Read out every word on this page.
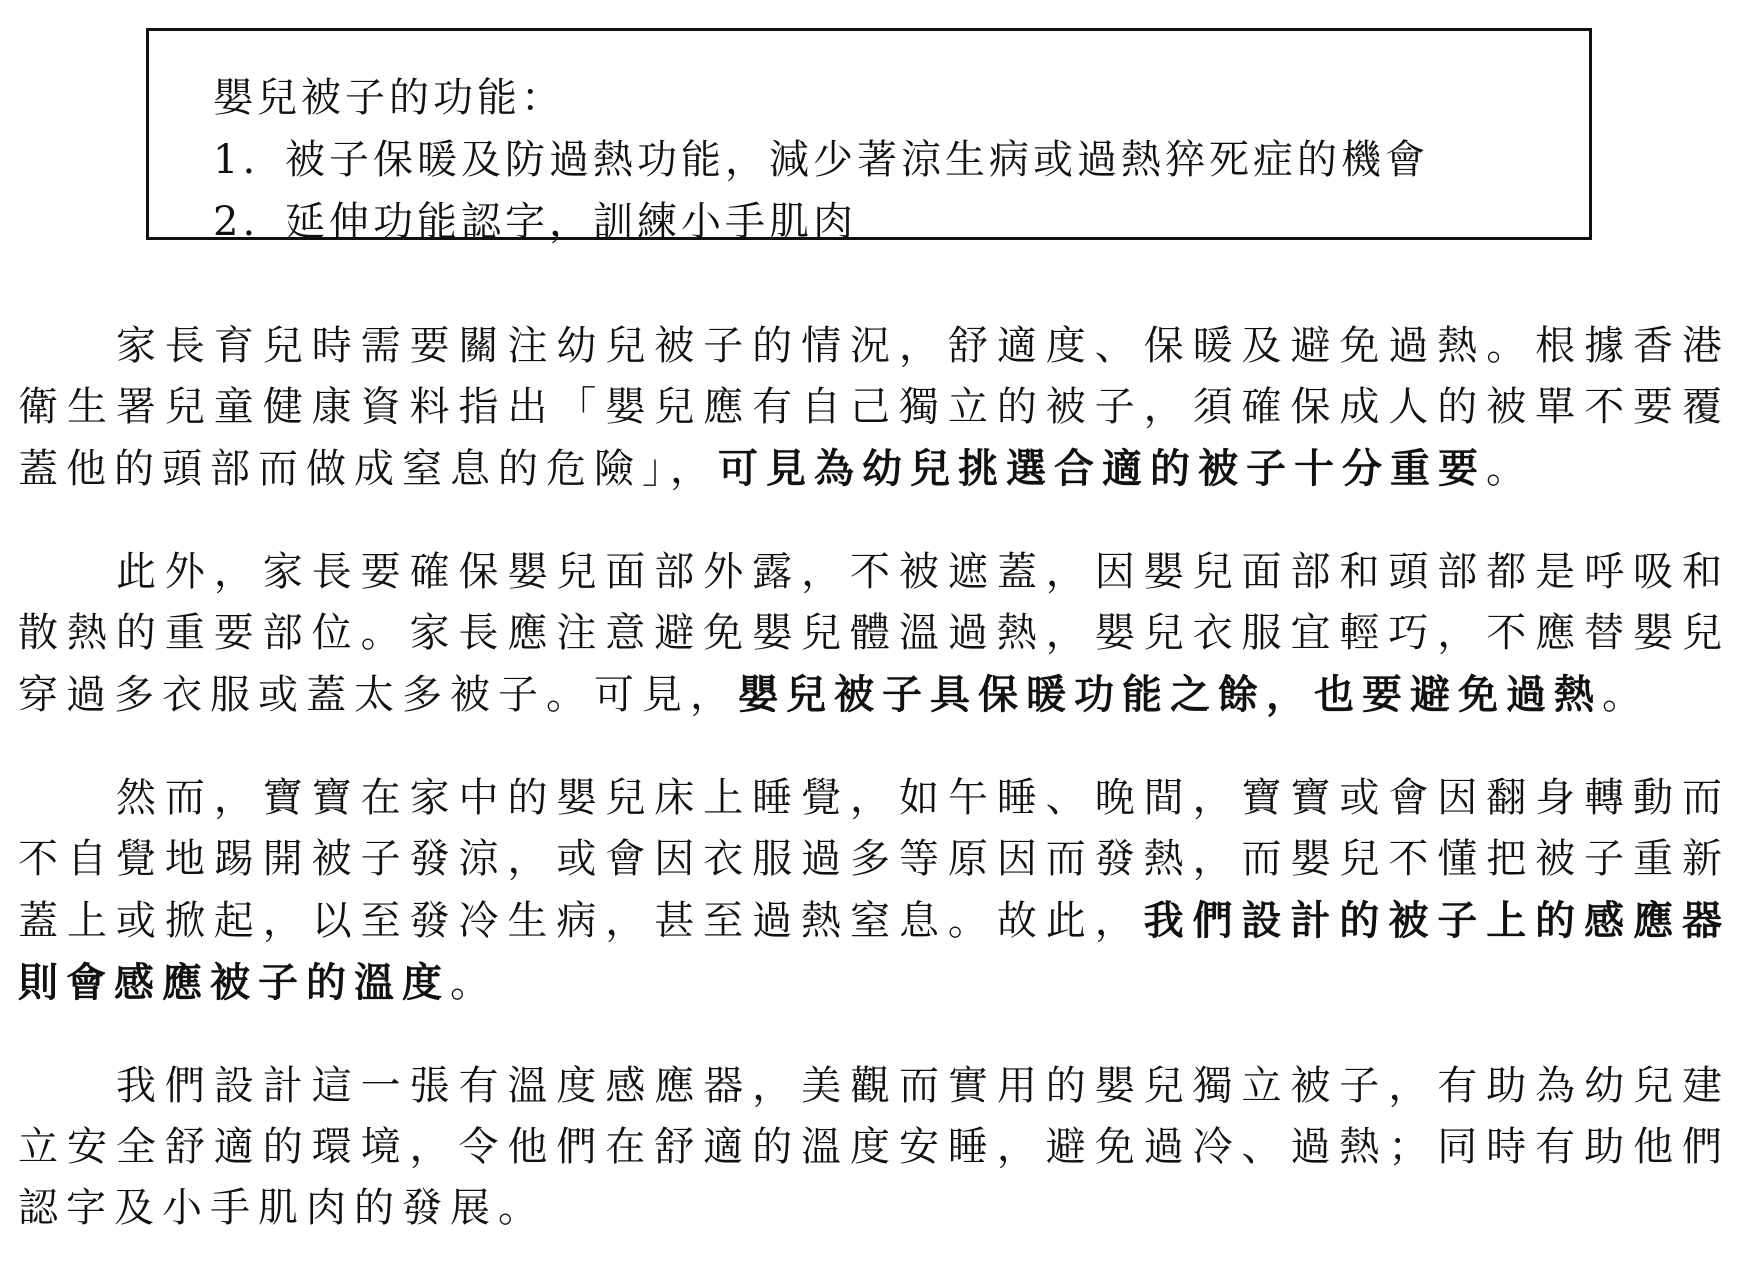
嬰兒被子的功能：
1. 被子保暖及防過熱功能，減少著涼生病或過熱猝死症的機會
2. 延伸功能認字，訓練小手肌肉

家長育兒時需要關注幼兒被子的情況，舒適度、保暖及避免過熱。根據香港衛生署兒童健康資料指出「嬰兒應有自己獨立的被子，須確保成人的被單不要覆蓋他的頭部而做成窒息的危險」，可見為幼兒挑選合適的被子十分重要。

此外，家長要確保嬰兒面部外露，不被遮蓋，因嬰兒面部和頭部都是呼吸和散熱的重要部位。家長應注意避免嬰兒體溫過熱，嬰兒衣服宜輕巧，不應替嬰兒穿過多衣服或蓋太多被子。可見，嬰兒被子具保暖功能之餘，也要避免過熱。

然而，寶寶在家中的嬰兒床上睡覺，如午睡、晚間，寶寶或會因翻身轉動而不自覺地踢開被子發涼，或會因衣服過多等原因而發熱，而嬰兒不懂把被子重新蓋上或掀起，以至發冷生病，甚至過熱窒息。故此，我們設計的被子上的感應器則會感應被子的溫度。

我們設計這一張有溫度感應器，美觀而實用的嬰兒獨立被子，有助為幼兒建立安全舒適的環境，令他們在舒適的溫度安睡，避免過冷、過熱；同時有助他們認字及小手肌肉的發展。
